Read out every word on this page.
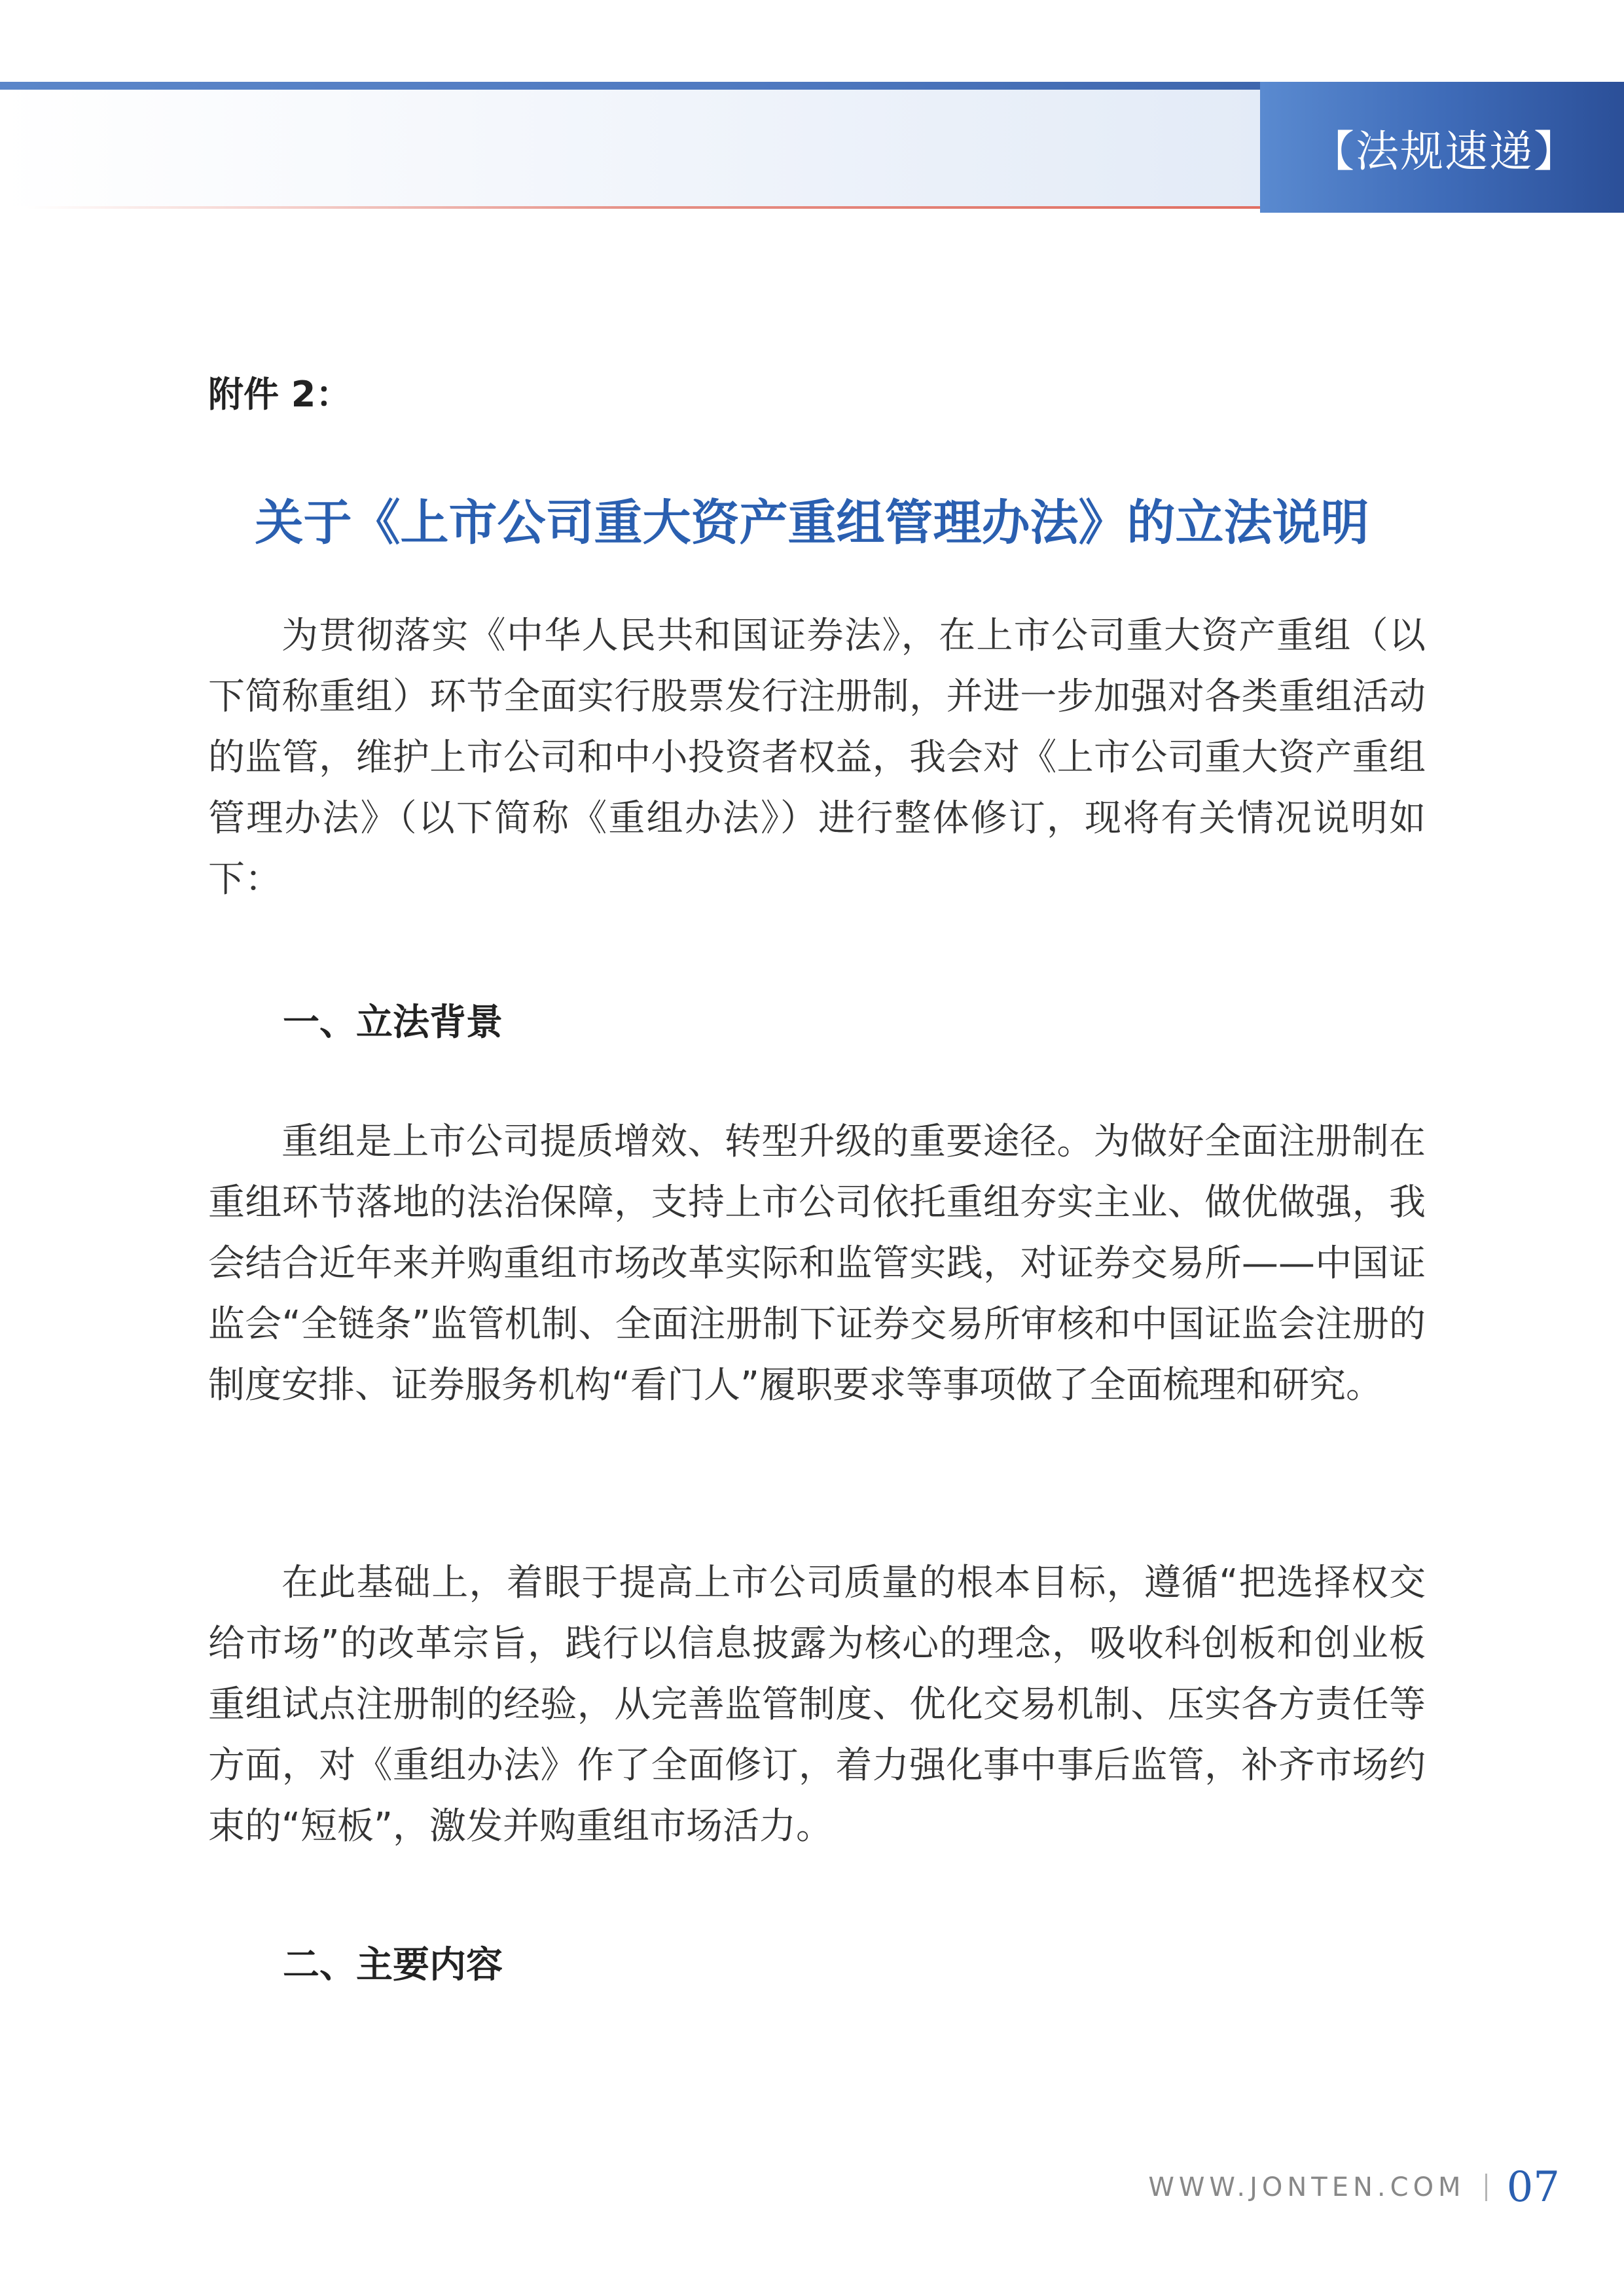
【法规速递】
附件 2：
关于《上市公司重大资产重组管理办法》的立法说明

为贯彻落实《中华人民共和国证券法》，在上市公司重大资产重组（以下简称重组）环节全面实行股票发行注册制，并进一步加强对各类重组活动的监管，维护上市公司和中小投资者权益，我会对《上市公司重大资产重组管理办法》（以下简称《重组办法》）进行整体修订，现将有关情况说明如下：

一、立法背景

重组是上市公司提质增效、转型升级的重要途径。为做好全面注册制在重组环节落地的法治保障，支持上市公司依托重组夯实主业、做优做强，我会结合近年来并购重组市场改革实际和监管实践，对证券交易所——中国证监会“全链条”监管机制、全面注册制下证券交易所审核和中国证监会注册的制度安排、证券服务机构“看门人”履职要求等事项做了全面梳理和研究。

在此基础上，着眼于提高上市公司质量的根本目标，遵循“把选择权交给市场”的改革宗旨，践行以信息披露为核心的理念，吸收科创板和创业板重组试点注册制的经验，从完善监管制度、优化交易机制、压实各方责任等方面，对《重组办法》作了全面修订，着力强化事中事后监管，补齐市场约束的“短板”，激发并购重组市场活力。

二、主要内容
WWW.JONTEN.COM 07
